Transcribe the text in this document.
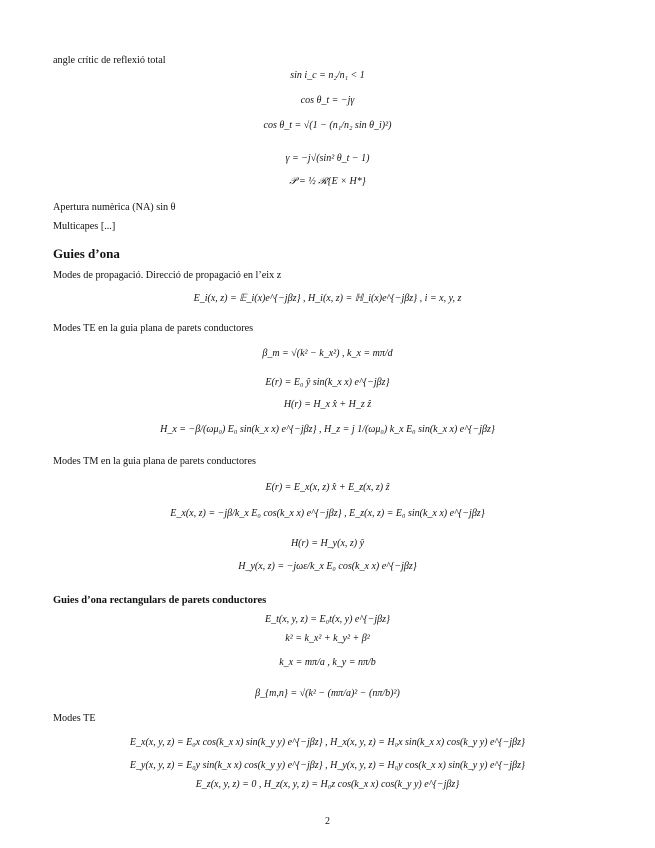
angle crític de reflexió total
sin i_c = n₂/n₁ < 1
cos θ_t = −jγ
cos θ_t = √(1 − (n₁/n₂ sin θ_i)²)
γ = −j√(sin² θ_t − 1)
𝒫 = ½ ℛ{E × H*}
Apertura numèrica (NA) sin θ
Multicapes [...]
Guies d’ona
Modes de propagació. Direcció de propagació en l’eix z
E_i(x, z) = 𝔼_i(x)e^{−jβz} , H_i(x, z) = ℍ_i(x)e^{−jβz} , i = x, y, z
Modes TE en la guia plana de parets conductores
β_m = √(k² − k_x²) , k_x = mπ/d
E(r) = E₀ ŷ sin(k_x x) e^{−jβz}
H(r) = H_x x̂ + H_z ẑ
H_x = −β/(ωμ₀) E₀ sin(k_x x) e^{−jβz} , H_z = j 1/(ωμ₀) k_x E₀ sin(k_x x) e^{−jβz}
Modes TM en la guia plana de parets conductores
E(r) = E_x(x, z) x̂ + E_z(x, z) ẑ
E_x(x, z) = −jβ/k_x E₀ cos(k_x x) e^{−jβz} , E_z(x, z) = E₀ sin(k_x x) e^{−jβz}
H(r) = H_y(x, z) ŷ
H_y(x, z) = −jωε/k_x E₀ cos(k_x x) e^{−jβz}
Guies d’ona rectangulars de parets conductores
E_t(x, y, z) = E₀t(x, y) e^{−jβz}
k² = k_x² + k_y² + β²
k_x = mπ/a , k_y = nπ/b
β_{m,n} = √(k² − (mπ/a)² − (nπ/b)²)
Modes TE
E_x(x, y, z) = E₀x cos(k_x x) sin(k_y y) e^{−jβz} , H_x(x, y, z) = H₀x sin(k_x x) cos(k_y y) e^{−jβz}
E_y(x, y, z) = E₀y sin(k_x x) cos(k_y y) e^{−jβz} , H_y(x, y, z) = H₀y cos(k_x x) sin(k_y y) e^{−jβz}
E_z(x, y, z) = 0 , H_z(x, y, z) = H₀z cos(k_x x) cos(k_y y) e^{−jβz}
2
